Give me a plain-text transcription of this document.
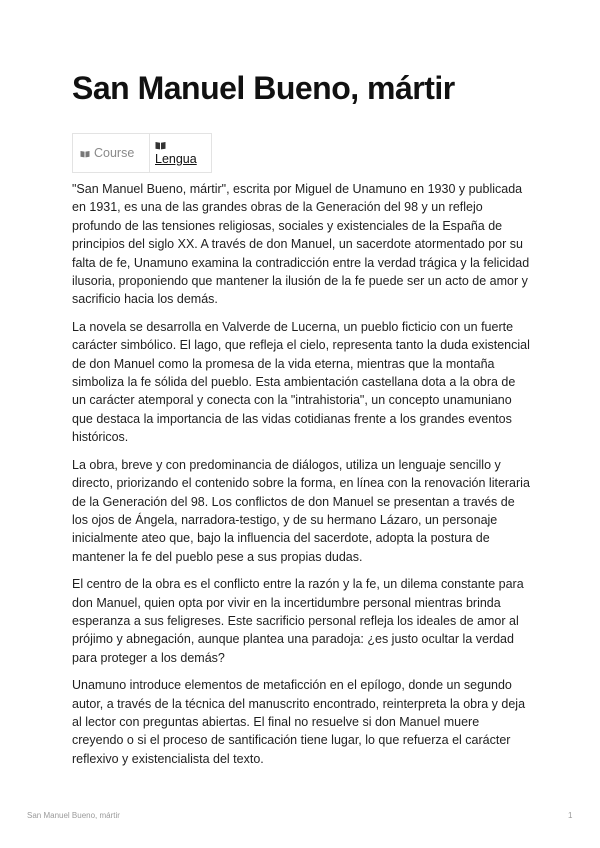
San Manuel Bueno, mártir
Course	Lengua

"San Manuel Bueno, mártir", escrita por Miguel de Unamuno en 1930 y publicada en 1931, es una de las grandes obras de la Generación del 98 y un reflejo profundo de las tensiones religiosas, sociales y existenciales de la España de principios del siglo XX. A través de don Manuel, un sacerdote atormentado por su falta de fe, Unamuno examina la contradicción entre la verdad trágica y la felicidad ilusoria, proponiendo que mantener la ilusión de la fe puede ser un acto de amor y sacrificio hacia los demás.

La novela se desarrolla en Valverde de Lucerna, un pueblo ficticio con un fuerte carácter simbólico. El lago, que refleja el cielo, representa tanto la duda existencial de don Manuel como la promesa de la vida eterna, mientras que la montaña simboliza la fe sólida del pueblo. Esta ambientación castellana dota a la obra de un carácter atemporal y conecta con la "intrahistoria", un concepto unamuniano que destaca la importancia de las vidas cotidianas frente a los grandes eventos históricos.

La obra, breve y con predominancia de diálogos, utiliza un lenguaje sencillo y directo, priorizando el contenido sobre la forma, en línea con la renovación literaria de la Generación del 98. Los conflictos de don Manuel se presentan a través de los ojos de Ángela, narradora-testigo, y de su hermano Lázaro, un personaje inicialmente ateo que, bajo la influencia del sacerdote, adopta la postura de mantener la fe del pueblo pese a sus propias dudas.

El centro de la obra es el conflicto entre la razón y la fe, un dilema constante para don Manuel, quien opta por vivir en la incertidumbre personal mientras brinda esperanza a sus feligreses. Este sacrificio personal refleja los ideales de amor al prójimo y abnegación, aunque plantea una paradoja: ¿es justo ocultar la verdad para proteger a los demás?

Unamuno introduce elementos de metaficción en el epílogo, donde un segundo autor, a través de la técnica del manuscrito encontrado, reinterpreta la obra y deja al lector con preguntas abiertas. El final no resuelve si don Manuel muere creyendo o si el proceso de santificación tiene lugar, lo que refuerza el carácter reflexivo y existencialista del texto.

San Manuel Bueno, mártir	1
